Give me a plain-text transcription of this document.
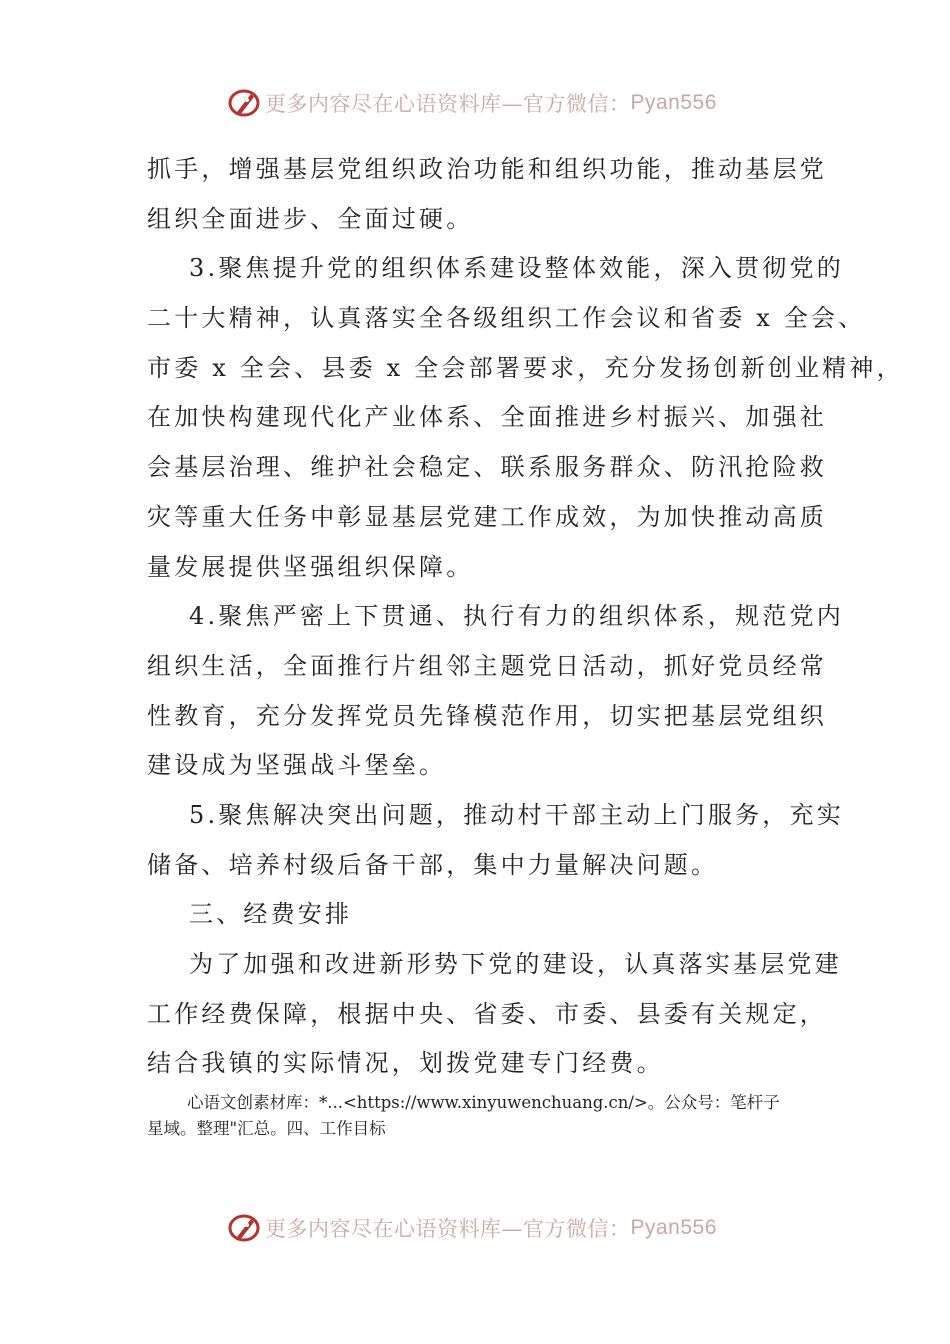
更多内容尽在心语资料库—官方微信： Pyan556
抓手，增强基层党组织政治功能和组织功能，推动基层党
组织全面进步、全面过硬。
3.聚焦提升党的组织体系建设整体效能，深入贯彻党的
二十大精神，认真落实全各级组织工作会议和省委 x 全会、
市委 x 全会、县委 x 全会部署要求，充分发扬创新创业精神，
在加快构建现代化产业体系、全面推进乡村振兴、加强社
会基层治理、维护社会稳定、联系服务群众、防汛抢险救
灾等重大任务中彰显基层党建工作成效，为加快推动高质
量发展提供坚强组织保障。
4.聚焦严密上下贯通、执行有力的组织体系，规范党内
组织生活，全面推行片组邻主题党日活动，抓好党员经常
性教育，充分发挥党员先锋模范作用，切实把基层党组织
建设成为坚强战斗堡垒。
5.聚焦解决突出问题，推动村干部主动上门服务，充实
储备、培养村级后备干部，集中力量解决问题。
三、经费安排
为了加强和改进新形势下党的建设，认真落实基层党建
工作经费保障，根据中央、省委、市委、县委有关规定，
结合我镇的实际情况，划拨党建专门经费。
心语文创素材库：*...<https://www.xinyuwenchuang.cn/>。公众号：笔杆子
星域。整理"汇总。四、工作目标
更多内容尽在心语资料库—官方微信： Pyan556
